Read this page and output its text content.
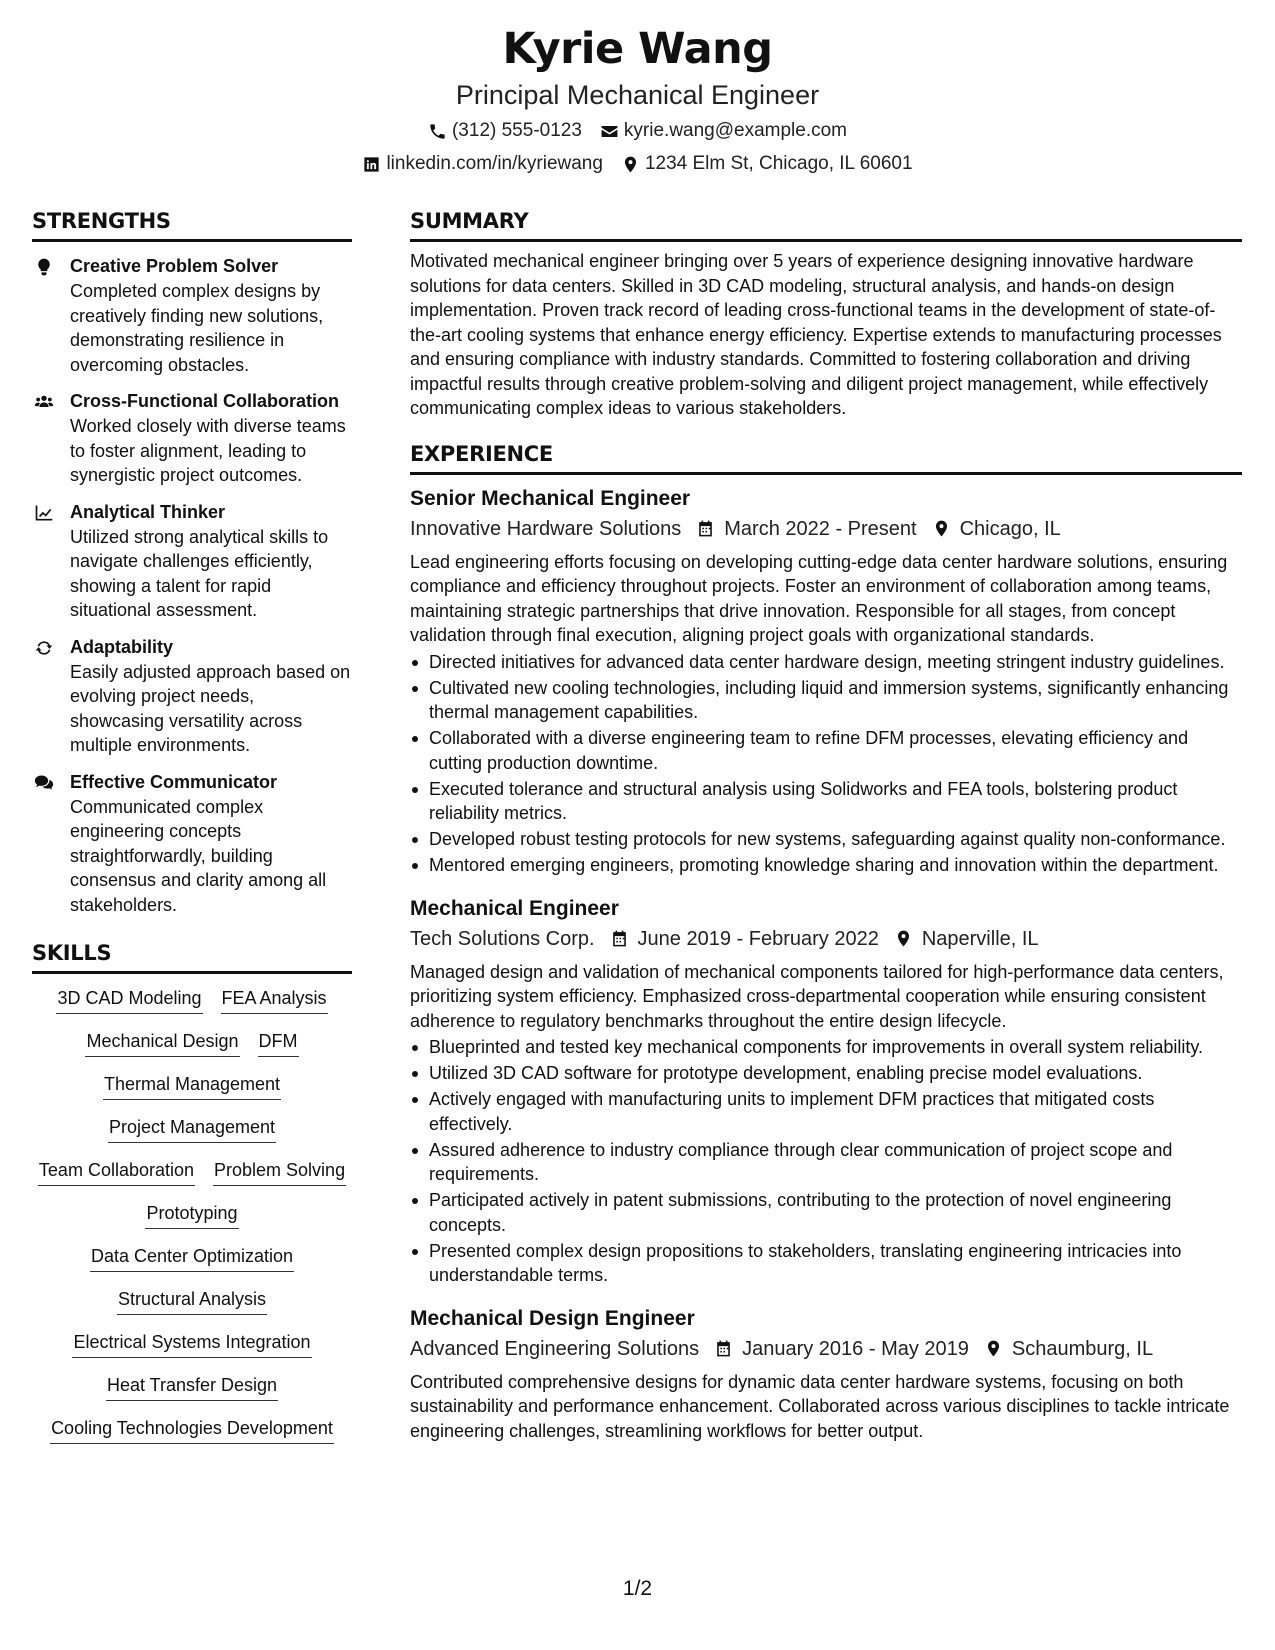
Kyrie Wang
Principal Mechanical Engineer
(312) 555-0123 kyrie.wang@example.com
linkedin.com/in/kyriewang 1234 Elm St, Chicago, IL 60601
STRENGTHS
Creative Problem Solver
Completed complex designs by creatively finding new solutions, demonstrating resilience in overcoming obstacles.
Cross-Functional Collaboration
Worked closely with diverse teams to foster alignment, leading to synergistic project outcomes.
Analytical Thinker
Utilized strong analytical skills to navigate challenges efficiently, showing a talent for rapid situational assessment.
Adaptability
Easily adjusted approach based on evolving project needs, showcasing versatility across multiple environments.
Effective Communicator
Communicated complex engineering concepts straightforwardly, building consensus and clarity among all stakeholders.
SKILLS
3D CAD Modeling FEA Analysis
Mechanical Design DFM
Thermal Management
Project Management
Team Collaboration Problem Solving
Prototyping
Data Center Optimization
Structural Analysis
Electrical Systems Integration
Heat Transfer Design
Cooling Technologies Development
SUMMARY
Motivated mechanical engineer bringing over 5 years of experience designing innovative hardware solutions for data centers. Skilled in 3D CAD modeling, structural analysis, and hands-on design implementation. Proven track record of leading cross-functional teams in the development of state-of-the-art cooling systems that enhance energy efficiency. Expertise extends to manufacturing processes and ensuring compliance with industry standards. Committed to fostering collaboration and driving impactful results through creative problem-solving and diligent project management, while effectively communicating complex ideas to various stakeholders.
EXPERIENCE
Senior Mechanical Engineer
Innovative Hardware Solutions March 2022 - Present Chicago, IL
Lead engineering efforts focusing on developing cutting-edge data center hardware solutions, ensuring compliance and efficiency throughout projects. Foster an environment of collaboration among teams, maintaining strategic partnerships that drive innovation. Responsible for all stages, from concept validation through final execution, aligning project goals with organizational standards.
Directed initiatives for advanced data center hardware design, meeting stringent industry guidelines.
Cultivated new cooling technologies, including liquid and immersion systems, significantly enhancing thermal management capabilities.
Collaborated with a diverse engineering team to refine DFM processes, elevating efficiency and cutting production downtime.
Executed tolerance and structural analysis using Solidworks and FEA tools, bolstering product reliability metrics.
Developed robust testing protocols for new systems, safeguarding against quality non-conformance.
Mentored emerging engineers, promoting knowledge sharing and innovation within the department.
Mechanical Engineer
Tech Solutions Corp. June 2019 - February 2022 Naperville, IL
Managed design and validation of mechanical components tailored for high-performance data centers, prioritizing system efficiency. Emphasized cross-departmental cooperation while ensuring consistent adherence to regulatory benchmarks throughout the entire design lifecycle.
Blueprinted and tested key mechanical components for improvements in overall system reliability.
Utilized 3D CAD software for prototype development, enabling precise model evaluations.
Actively engaged with manufacturing units to implement DFM practices that mitigated costs effectively.
Assured adherence to industry compliance through clear communication of project scope and requirements.
Participated actively in patent submissions, contributing to the protection of novel engineering concepts.
Presented complex design propositions to stakeholders, translating engineering intricacies into understandable terms.
Mechanical Design Engineer
Advanced Engineering Solutions January 2016 - May 2019 Schaumburg, IL
Contributed comprehensive designs for dynamic data center hardware systems, focusing on both sustainability and performance enhancement. Collaborated across various disciplines to tackle intricate engineering challenges, streamlining workflows for better output.
1/2
